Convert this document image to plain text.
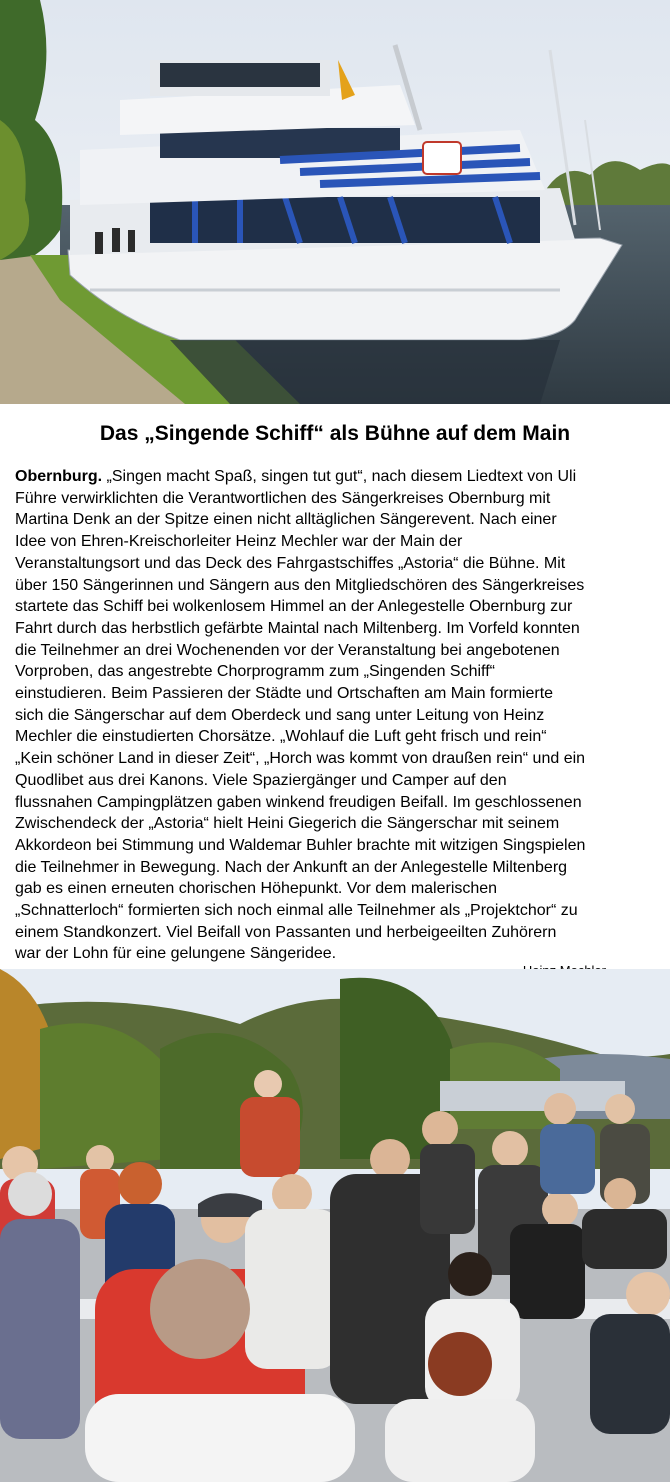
Das „Singende Schiff“ als Bühne auf dem Main

Obernburg. „Singen macht Spaß, singen tut gut“, nach diesem Liedtext von Uli
Führe verwirklichten die Verantwortlichen des Sängerkreises Obernburg mit
Martina Denk an der Spitze einen nicht alltäglichen Sängerevent. Nach einer
Idee von Ehren-Kreischorleiter Heinz Mechler war der Main der
Veranstaltungsort und das Deck des Fahrgastschiffes „Astoria“ die Bühne. Mit
über 150 Sängerinnen und Sängern aus den Mitgliedschören des Sängerkreises
startete das Schiff bei wolkenlosem Himmel an der Anlegestelle Obernburg zur
Fahrt durch das herbstlich gefärbte Maintal nach Miltenberg. Im Vorfeld konnten
die Teilnehmer an drei Wochenenden vor der Veranstaltung bei angebotenen
Vorproben, das angestrebte Chorprogramm zum „Singenden Schiff“
einstudieren. Beim Passieren der Städte und Ortschaften am Main formierte
sich die Sängerschar auf dem Oberdeck und sang unter Leitung von Heinz
Mechler die einstudierten Chorsätze. „Wohlauf die Luft geht frisch und rein“
„Kein schöner Land in dieser Zeit“, „Horch was kommt von draußen rein“ und ein
Quodlibet aus drei Kanons. Viele Spaziergänger und Camper auf den
flussnahen Campingplätzen gaben winkend freudigen Beifall. Im geschlossenen
Zwischendeck der „Astoria“ hielt Heini Giegerich die Sängerschar mit seinem
Akkordeon bei Stimmung und Waldemar Buhler brachte mit witzigen Singspielen
die Teilnehmer in Bewegung. Nach der Ankunft an der Anlegestelle Miltenberg
gab es einen erneuten chorischen Höhepunkt. Vor dem malerischen
„Schnatterloch“ formierten sich noch einmal alle Teilnehmer als „Projektchor“ zu
einem Standkonzert. Viel Beifall von Passanten und herbeigeeilten Zuhörern
war der Lohn für eine gelungene Sängeridee.
